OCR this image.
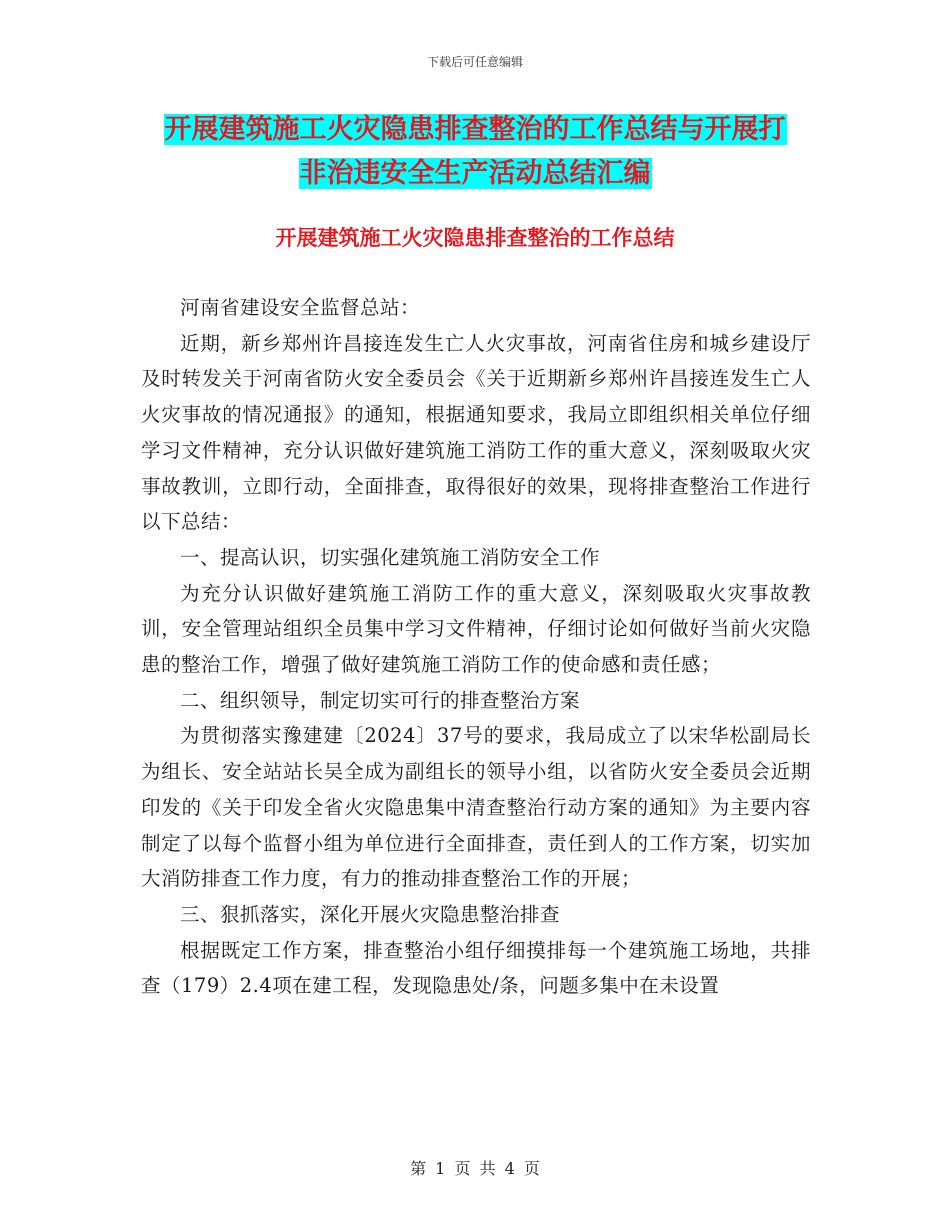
下载后可任意编辑
开展建筑施工火灾隐患排查整治的工作总结与开展打
非治违安全生产活动总结汇编
开展建筑施工火灾隐患排查整治的工作总结

河南省建设安全监督总站：

近期，新乡郑州许昌接连发生亡人火灾事故，河南省住房和城乡建设厅及时转发关于河南省防火安全委员会《关于近期新乡郑州许昌接连发生亡人火灾事故的情况通报》的通知，根据通知要求，我局立即组织相关单位仔细学习文件精神，充分认识做好建筑施工消防工作的重大意义，深刻吸取火灾事故教训，立即行动，全面排查，取得很好的效果，现将排查整治工作进行以下总结：

一、提高认识，切实强化建筑施工消防安全工作

为充分认识做好建筑施工消防工作的重大意义，深刻吸取火灾事故教训，安全管理站组织全员集中学习文件精神，仔细讨论如何做好当前火灾隐患的整治工作，增强了做好建筑施工消防工作的使命感和责任感；

二、组织领导，制定切实可行的排查整治方案

为贯彻落实豫建建〔2024〕37号的要求，我局成立了以宋华松副局长为组长、安全站站长吴全成为副组长的领导小组，以省防火安全委员会近期印发的《关于印发全省火灾隐患集中清查整治行动方案的通知》为主要内容制定了以每个监督小组为单位进行全面排查，责任到人的工作方案，切实加大消防排查工作力度，有力的推动排查整治工作的开展；

三、狠抓落实，深化开展火灾隐患整治排查

根据既定工作方案，排查整治小组仔细摸排每一个建筑施工场地，共排查（179）2.4项在建工程，发现隐患处/条，问题多集中在未设置

第 1 页 共 4 页
